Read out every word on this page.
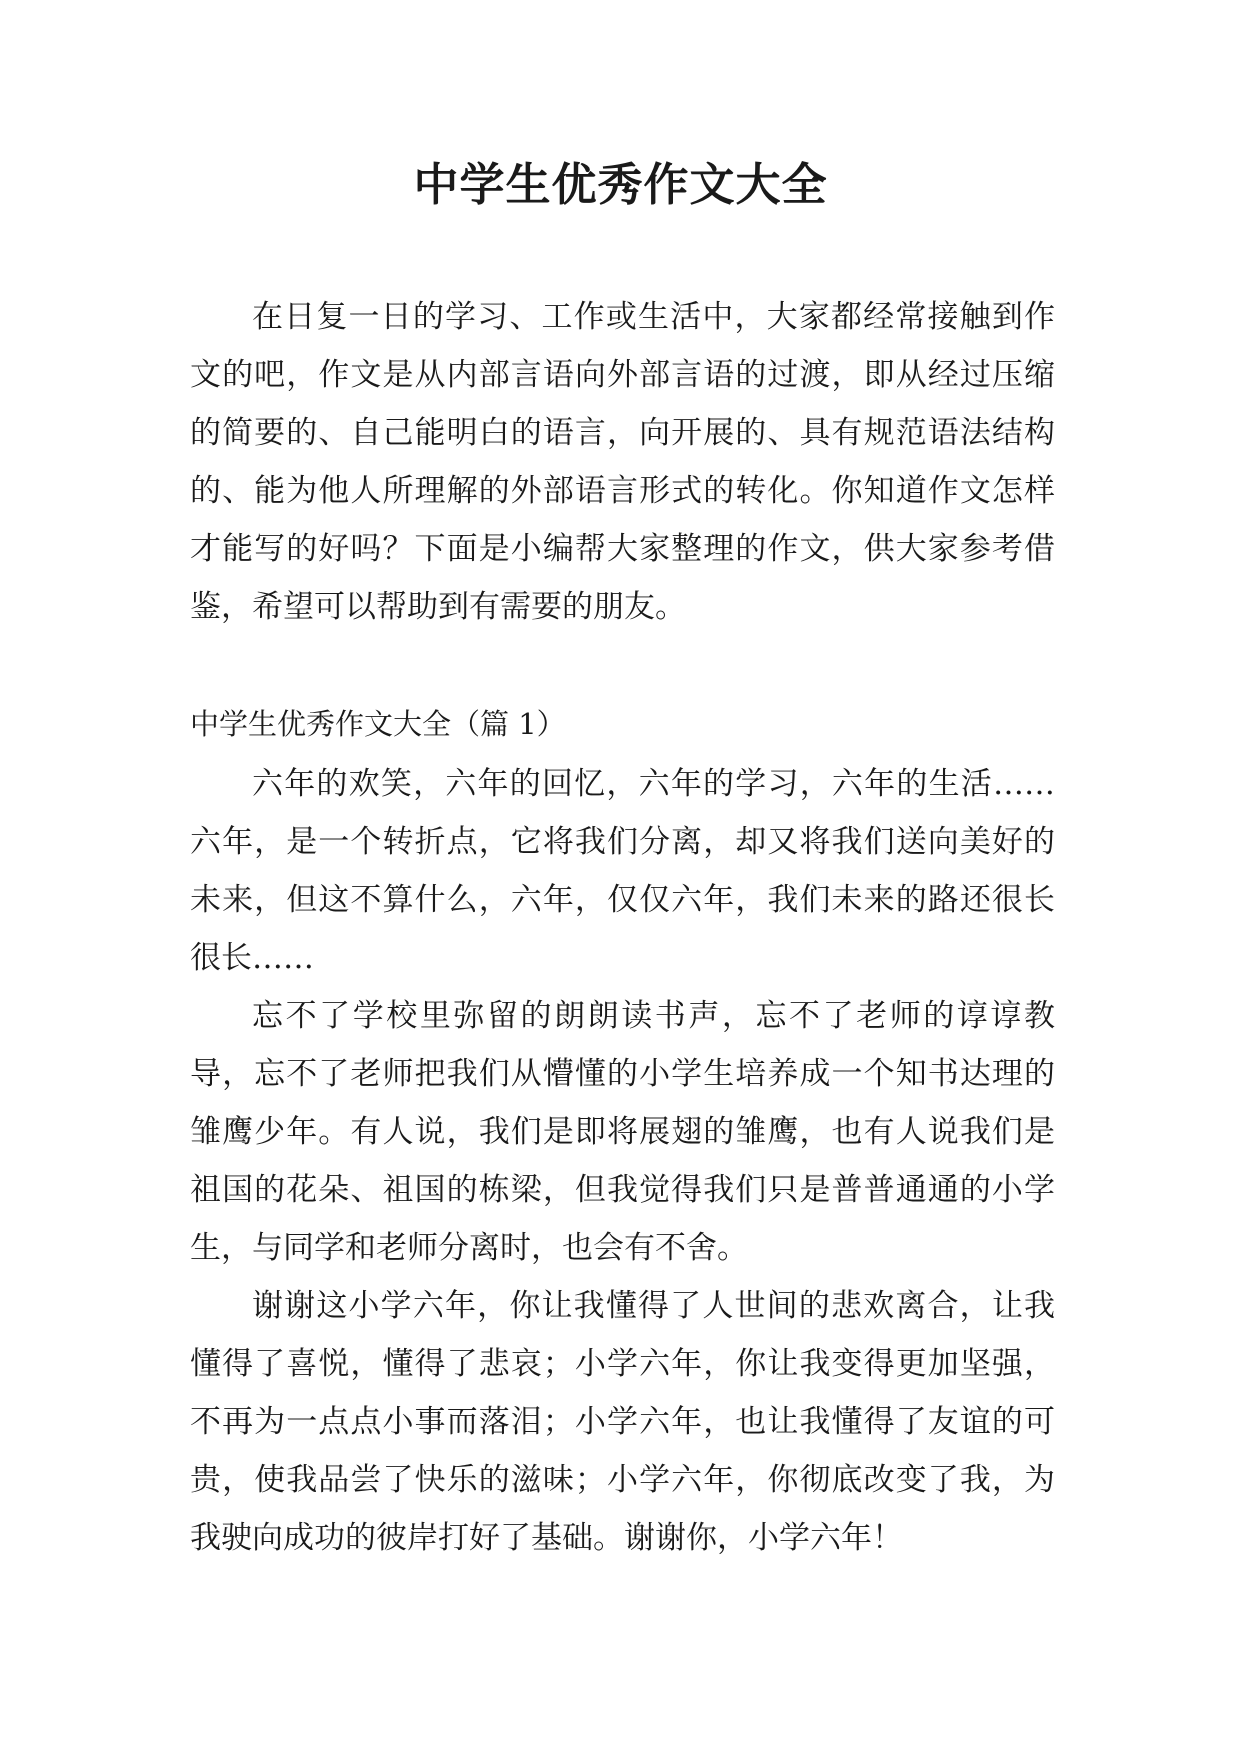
中学生优秀作文大全

在日复一日的学习、工作或生活中，大家都经常接触到作文的吧，作文是从内部言语向外部言语的过渡，即从经过压缩的简要的、自己能明白的语言，向开展的、具有规范语法结构的、能为他人所理解的外部语言形式的转化。你知道作文怎样才能写的好吗？下面是小编帮大家整理的作文，供大家参考借鉴，希望可以帮助到有需要的朋友。

中学生优秀作文大全（篇 1）

六年的欢笑，六年的回忆，六年的学习，六年的生活……六年，是一个转折点，它将我们分离，却又将我们送向美好的未来，但这不算什么，六年，仅仅六年，我们未来的路还很长很长……

忘不了学校里弥留的朗朗读书声，忘不了老师的谆谆教导，忘不了老师把我们从懵懂的小学生培养成一个知书达理的雏鹰少年。有人说，我们是即将展翅的雏鹰，也有人说我们是祖国的花朵、祖国的栋梁，但我觉得我们只是普普通通的小学生，与同学和老师分离时，也会有不舍。

谢谢这小学六年，你让我懂得了人世间的悲欢离合，让我懂得了喜悦，懂得了悲哀；小学六年，你让我变得更加坚强，不再为一点点小事而落泪；小学六年，也让我懂得了友谊的可贵，使我品尝了快乐的滋味；小学六年，你彻底改变了我，为我驶向成功的彼岸打好了基础。谢谢你，小学六年！
